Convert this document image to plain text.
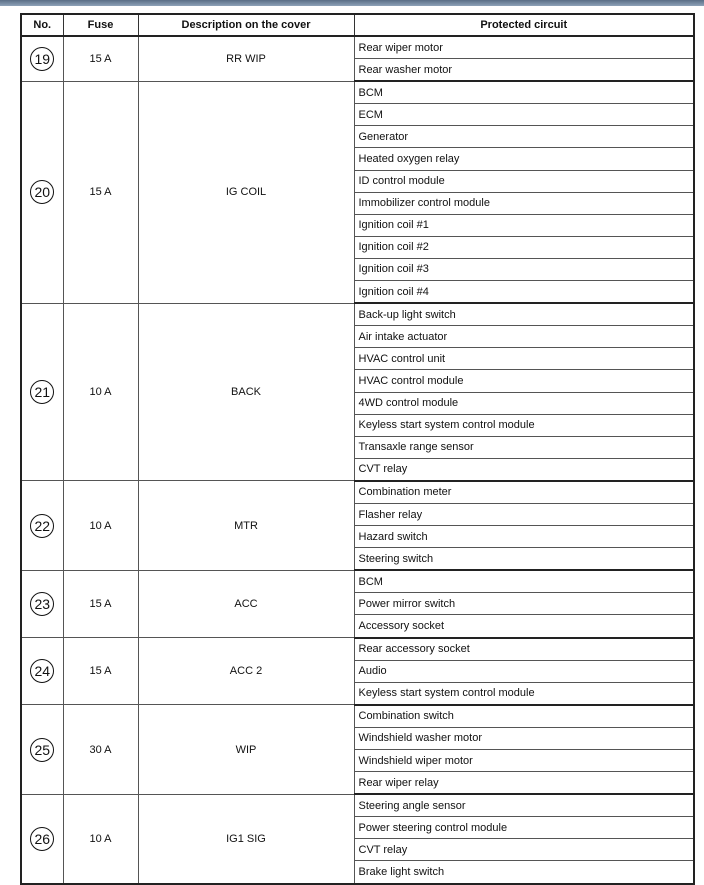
No.	Fuse	Description on the cover	Protected circuit
19	15 A	RR WIP	Rear wiper motor
			Rear washer motor
20	15 A	IG COIL	BCM
			ECM
			Generator
			Heated oxygen relay
			ID control module
			Immobilizer control module
			Ignition coil #1
			Ignition coil #2
			Ignition coil #3
			Ignition coil #4
21	10 A	BACK	Back-up light switch
			Air intake actuator
			HVAC control unit
			HVAC control module
			4WD control module
			Keyless start system control module
			Transaxle range sensor
			CVT relay
22	10 A	MTR	Combination meter
			Flasher relay
			Hazard switch
			Steering switch
23	15 A	ACC	BCM
			Power mirror switch
			Accessory socket
24	15 A	ACC 2	Rear accessory socket
			Audio
			Keyless start system control module
25	30 A	WIP	Combination switch
			Windshield washer motor
			Windshield wiper motor
			Rear wiper relay
26	10 A	IG1 SIG	Steering angle sensor
			Power steering control module
			CVT relay
			Brake light switch
